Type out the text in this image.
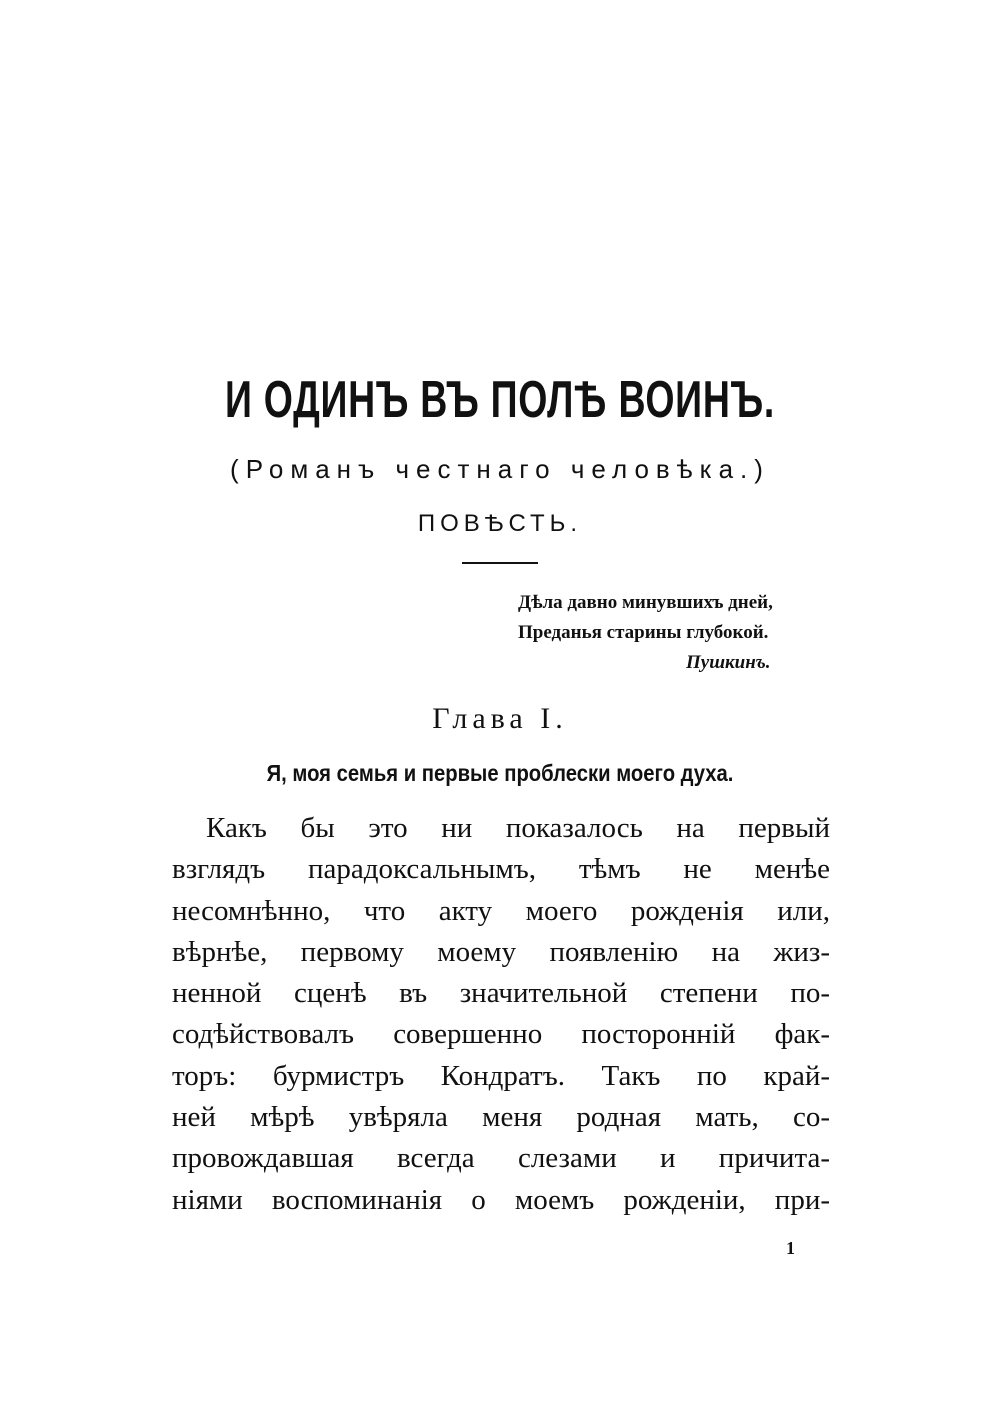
И ОДИНЪ ВЪ ПОЛѢ ВОИНЪ.
(Романъ честнаго человѣка.)
ПОВѢСТЬ.
Дѣла давно минувшихъ дней,
Преданья старины глубокой.
Пушкинъ.
Глава I.
Я, моя семья и первые проблески моего духа.
Какъ бы это ни показалось на первый
взглядъ парадоксальнымъ, тѣмъ не менѣе
несомнѣнно, что акту моего рожденія или,
вѣрнѣе, первому моему появленію на жиз-
ненной сценѣ въ значительной степени по-
содѣйствовалъ совершенно посторонній фак-
торъ: бурмистръ Кондратъ. Такъ по край-
ней мѣрѣ увѣряла меня родная мать, со-
провождавшая всегда слезами и причита-
ніями воспоминанія о моемъ рожденіи, при-
1
